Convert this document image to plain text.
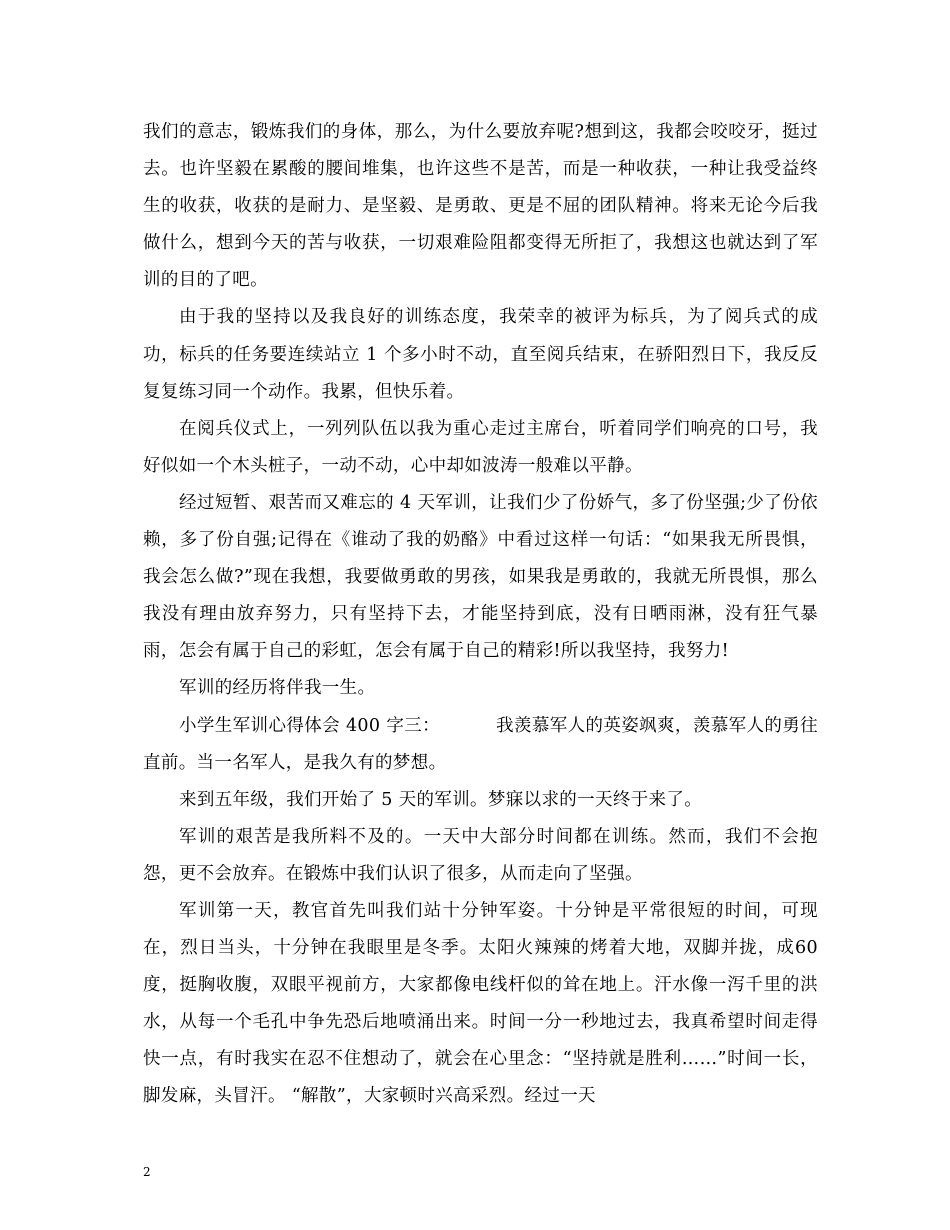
我们的意志，锻炼我们的身体，那么，为什么要放弃呢?想到这，我都会咬咬牙，挺过去。也许坚毅在累酸的腰间堆集，也许这些不是苦，而是一种收获，一种让我受益终生的收获，收获的是耐力、是坚毅、是勇敢、更是不屈的团队精神。将来无论今后我做什么，想到今天的苦与收获，一切艰难险阻都变得无所拒了，我想这也就达到了军训的目的了吧。

由于我的坚持以及我良好的训练态度，我荣幸的被评为标兵，为了阅兵式的成功，标兵的任务要连续站立 1 个多小时不动，直至阅兵结束，在骄阳烈日下，我反反复复练习同一个动作。我累，但快乐着。

在阅兵仪式上，一列列队伍以我为重心走过主席台，听着同学们响亮的口号，我好似如一个木头桩子，一动不动，心中却如波涛一般难以平静。

经过短暂、艰苦而又难忘的 4 天军训，让我们少了份娇气，多了份坚强;少了份依赖，多了份自强;记得在《谁动了我的奶酪》中看过这样一句话：“如果我无所畏惧，我会怎么做?”现在我想，我要做勇敢的男孩，如果我是勇敢的，我就无所畏惧，那么我没有理由放弃努力，只有坚持下去，才能坚持到底，没有日晒雨淋，没有狂气暴雨，怎会有属于自己的彩虹，怎会有属于自己的精彩!所以我坚持，我努力!

军训的经历将伴我一生。

小学生军训心得体会 400 字三：	我羡慕军人的英姿飒爽，羡慕军人的勇往直前。当一名军人，是我久有的梦想。

来到五年级，我们开始了 5 天的军训。梦寐以求的一天终于来了。

军训的艰苦是我所料不及的。一天中大部分时间都在训练。然而，我们不会抱怨，更不会放弃。在锻炼中我们认识了很多，从而走向了坚强。

军训第一天，教官首先叫我们站十分钟军姿。十分钟是平常很短的时间，可现在，烈日当头，十分钟在我眼里是冬季。太阳火辣辣的烤着大地，双脚并拢，成60度，挺胸收腹，双眼平视前方，大家都像电线杆似的耸在地上。汗水像一泻千里的洪水，从每一个毛孔中争先恐后地喷涌出来。时间一分一秒地过去，我真希望时间走得快一点，有时我实在忍不住想动了，就会在心里念：“坚持就是胜利……”时间一长，脚发麻，头冒汗。 “解散”，大家顿时兴高采烈。经过一天

2
